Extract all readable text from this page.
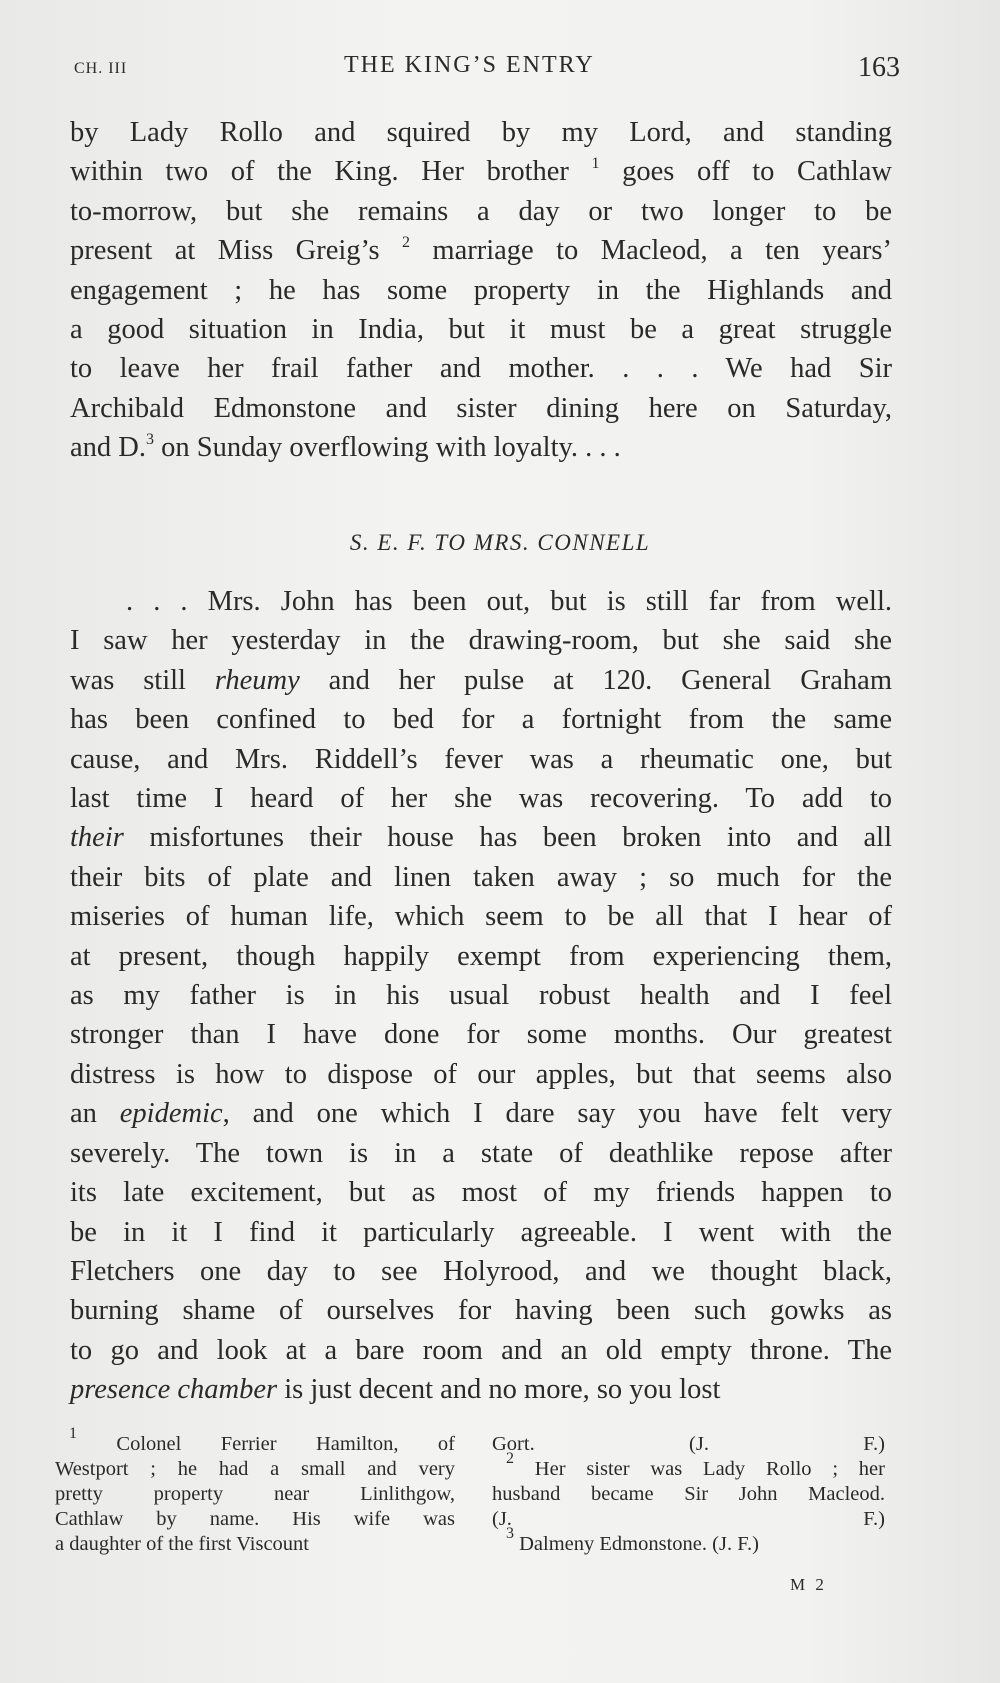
CH. III	THE KING’S ENTRY	163
by Lady Rollo and squired by my Lord, and standing
within two of the King. Her brother $^1$ goes off to Cathlaw
to-morrow, but she remains a day or two longer to be
present at Miss Greig’s $^2$ marriage to Macleod, a ten years’
engagement ; he has some property in the Highlands and
a good situation in India, but it must be a great struggle
to leave her frail father and mother. . . . We had Sir
Archibald Edmonstone and sister dining here on Saturday,
and D.$^3$ on Sunday overflowing with loyalty. . . .
S. E. F. TO MRS. CONNELL
. . . Mrs. John has been out, but is still far from well.
I saw her yesterday in the drawing-room, but she said she
was still rheumy and her pulse at 120. General Graham
has been confined to bed for a fortnight from the same
cause, and Mrs. Riddell’s fever was a rheumatic one, but
last time I heard of her she was recovering. To add to
their misfortunes their house has been broken into and all
their bits of plate and linen taken away ; so much for the
miseries of human life, which seem to be all that I hear of
at present, though happily exempt from experiencing them,
as my father is in his usual robust health and I feel
stronger than I have done for some months. Our greatest
distress is how to dispose of our apples, but that seems also
an epidemic, and one which I dare say you have felt very
severely. The town is in a state of deathlike repose after
its late excitement, but as most of my friends happen to
be in it I find it particularly agreeable. I went with the
Fletchers one day to see Holyrood, and we thought black,
burning shame of ourselves for having been such gowks as
to go and look at a bare room and an old empty throne. The
presence chamber is just decent and no more, so you lost
$^1$ Colonel Ferrier Hamilton, of
Westport ; he had a small and very
pretty property near Linlithgow,
Cathlaw by name. His wife was
a daughter of the first Viscount
Gort. (J. F.)
$^2$ Her sister was Lady Rollo ; her
husband became Sir John Macleod.
(J. F.)
$^3$ Dalmeny Edmonstone. (J. F.)
M 2
